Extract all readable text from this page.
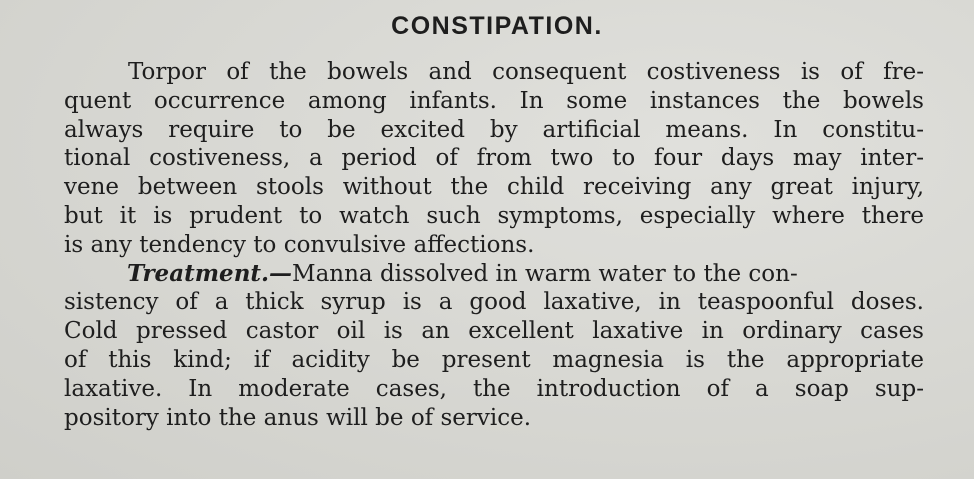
CONSTIPATION.
Torpor of the bowels and consequent costiveness is of fre-
quent occurrence among infants. In some instances the bowels
always require to be excited by artificial means. In constitu-
tional costiveness, a period of from two to four days may inter-
vene between stools without the child receiving any great injury,
but it is prudent to watch such symptoms, especially where there
is any tendency to convulsive affections.
Treatment.—Manna dissolved in warm water to the con-
sistency of a thick syrup is a good laxative, in teaspoonful doses.
Cold pressed castor oil is an excellent laxative in ordinary cases
of this kind; if acidity be present magnesia is the appropriate
laxative. In moderate cases, the introduction of a soap sup-
pository into the anus will be of service.
